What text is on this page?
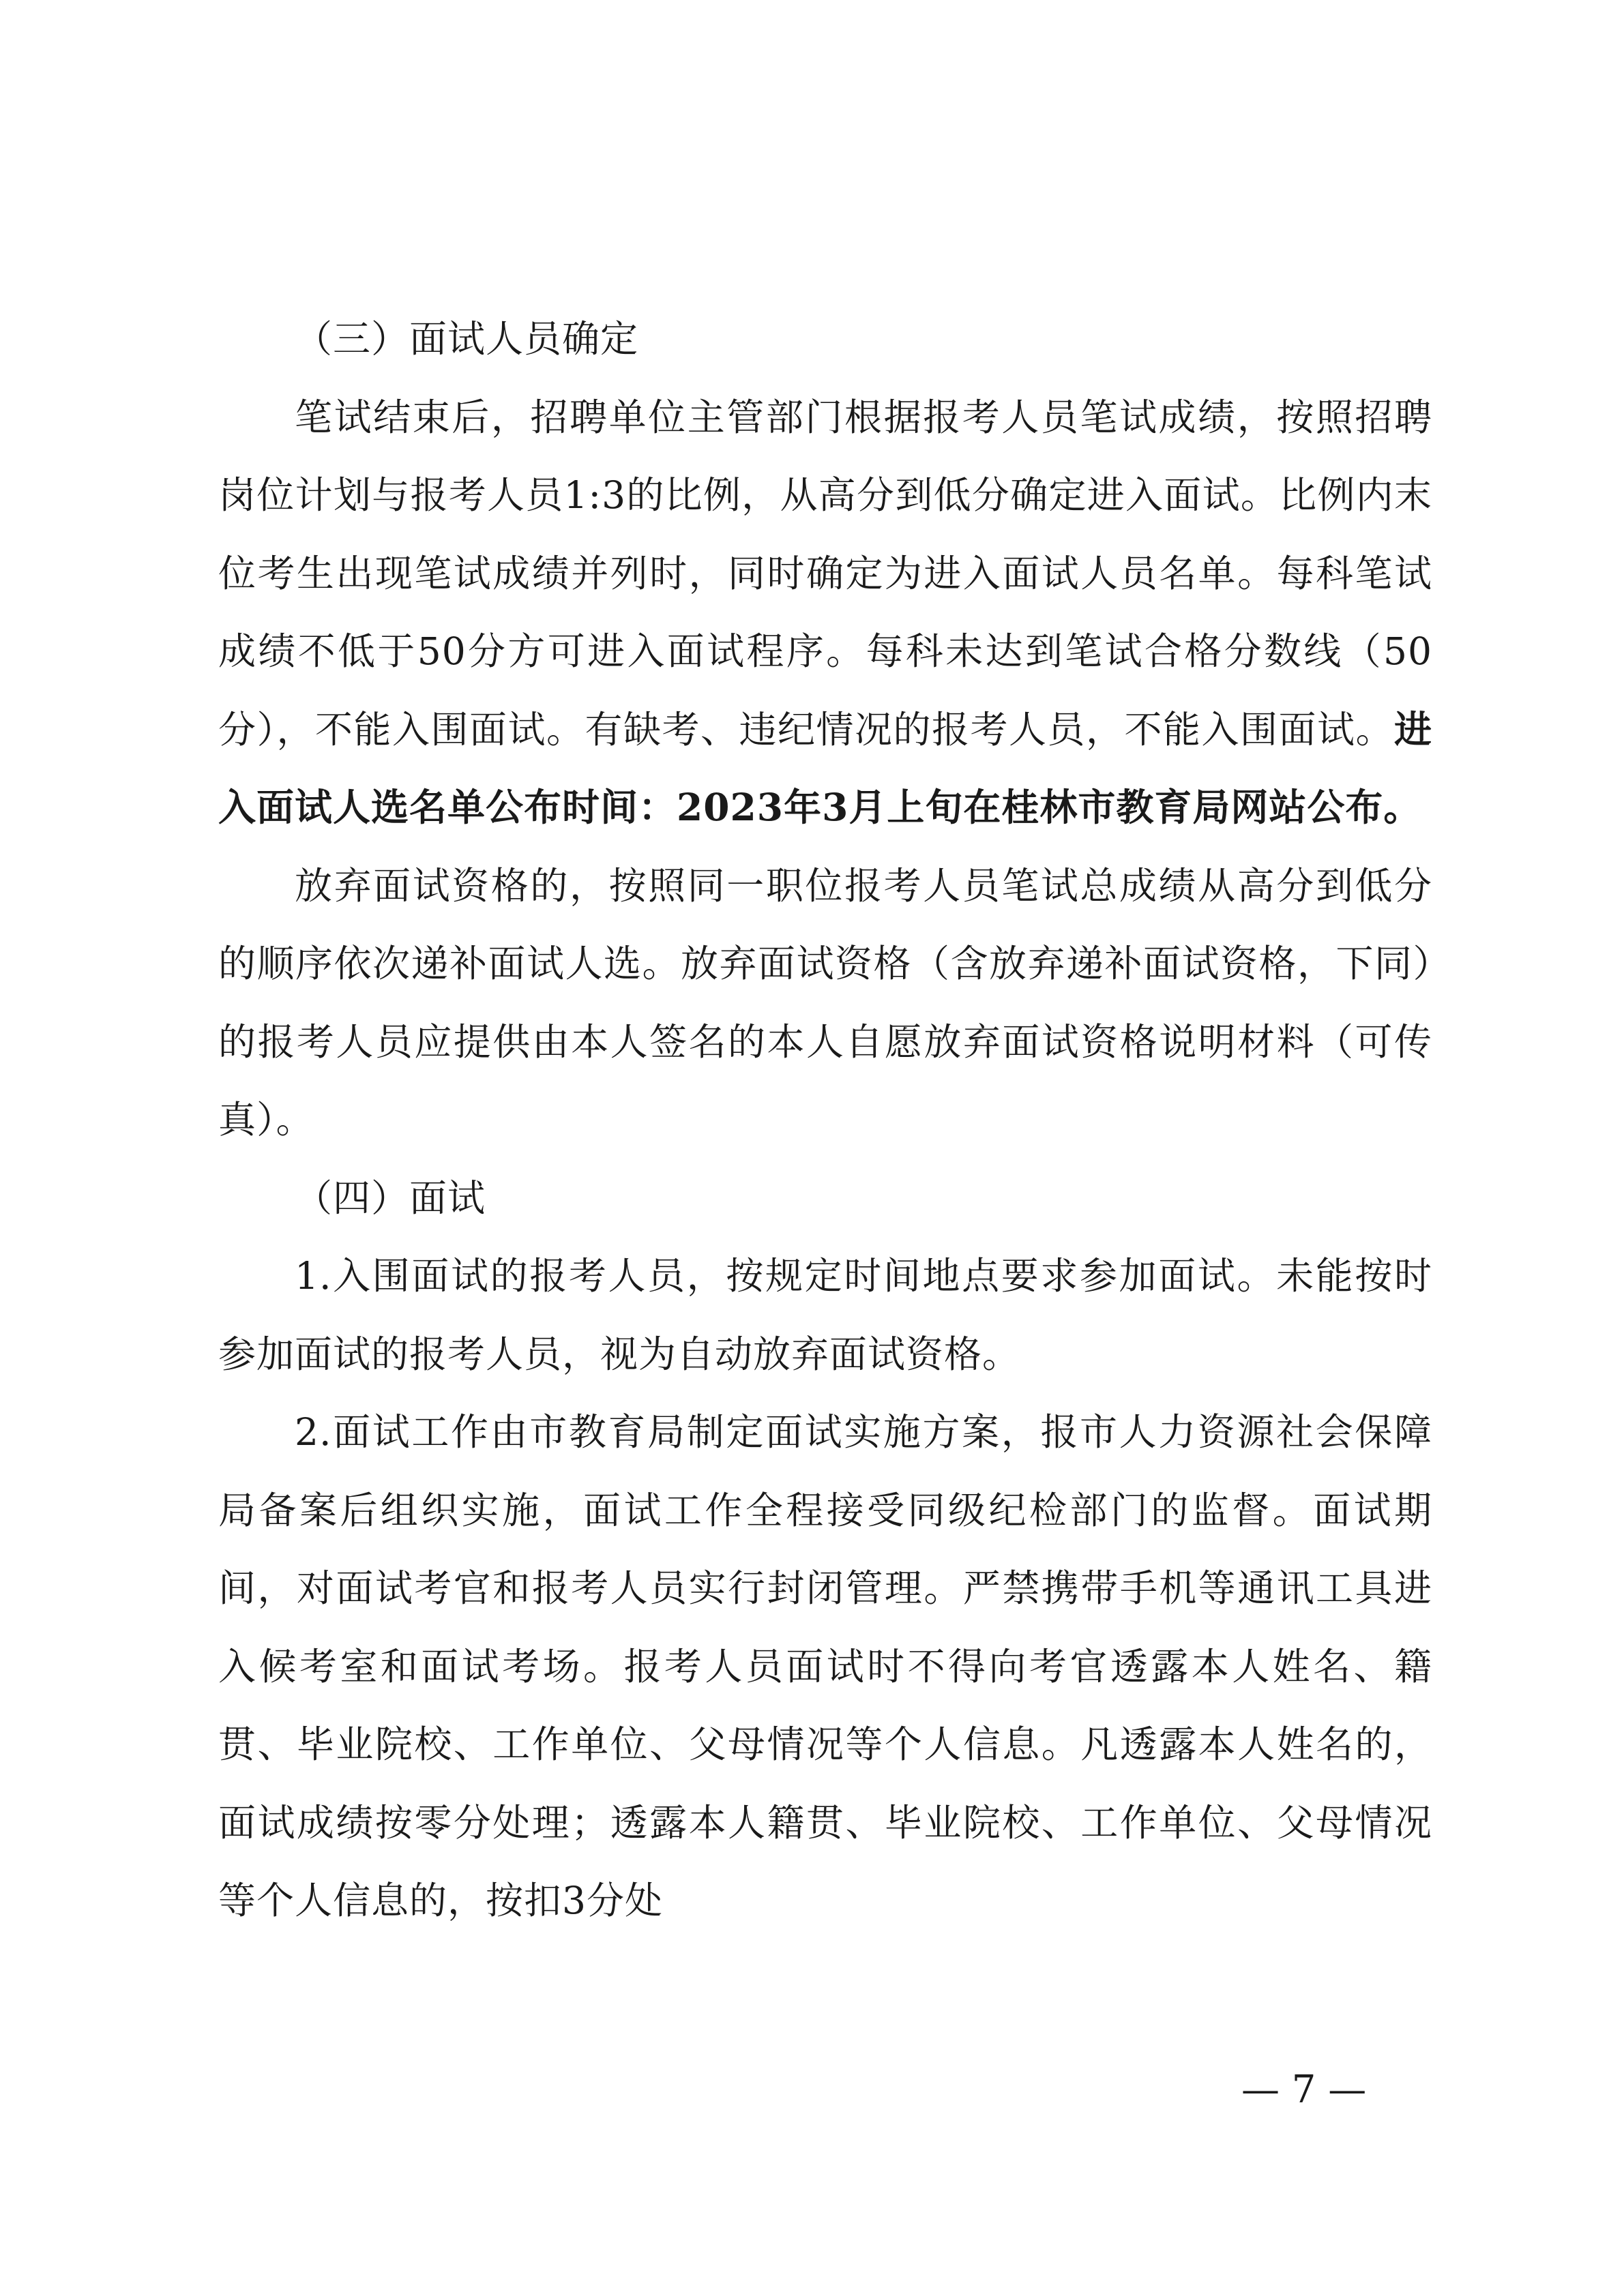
（三）面试人员确定

笔试结束后，招聘单位主管部门根据报考人员笔试成绩，按照招聘岗位计划与报考人员1:3的比例，从高分到低分确定进入面试。比例内末位考生出现笔试成绩并列时，同时确定为进入面试人员名单。每科笔试成绩不低于50分方可进入面试程序。每科未达到笔试合格分数线（50分），不能入围面试。有缺考、违纪情况的报考人员，不能入围面试。进入面试人选名单公布时间：2023年3月上旬在桂林市教育局网站公布。

放弃面试资格的，按照同一职位报考人员笔试总成绩从高分到低分的顺序依次递补面试人选。放弃面试资格（含放弃递补面试资格，下同）的报考人员应提供由本人签名的本人自愿放弃面试资格说明材料（可传真）。

（四）面试

1.入围面试的报考人员，按规定时间地点要求参加面试。未能按时参加面试的报考人员，视为自动放弃面试资格。

2.面试工作由市教育局制定面试实施方案，报市人力资源社会保障局备案后组织实施，面试工作全程接受同级纪检部门的监督。面试期间，对面试考官和报考人员实行封闭管理。严禁携带手机等通讯工具进入候考室和面试考场。报考人员面试时不得向考官透露本人姓名、籍贯、毕业院校、工作单位、父母情况等个人信息。凡透露本人姓名的，面试成绩按零分处理；透露本人籍贯、毕业院校、工作单位、父母情况等个人信息的，按扣3分处

— 7 —
